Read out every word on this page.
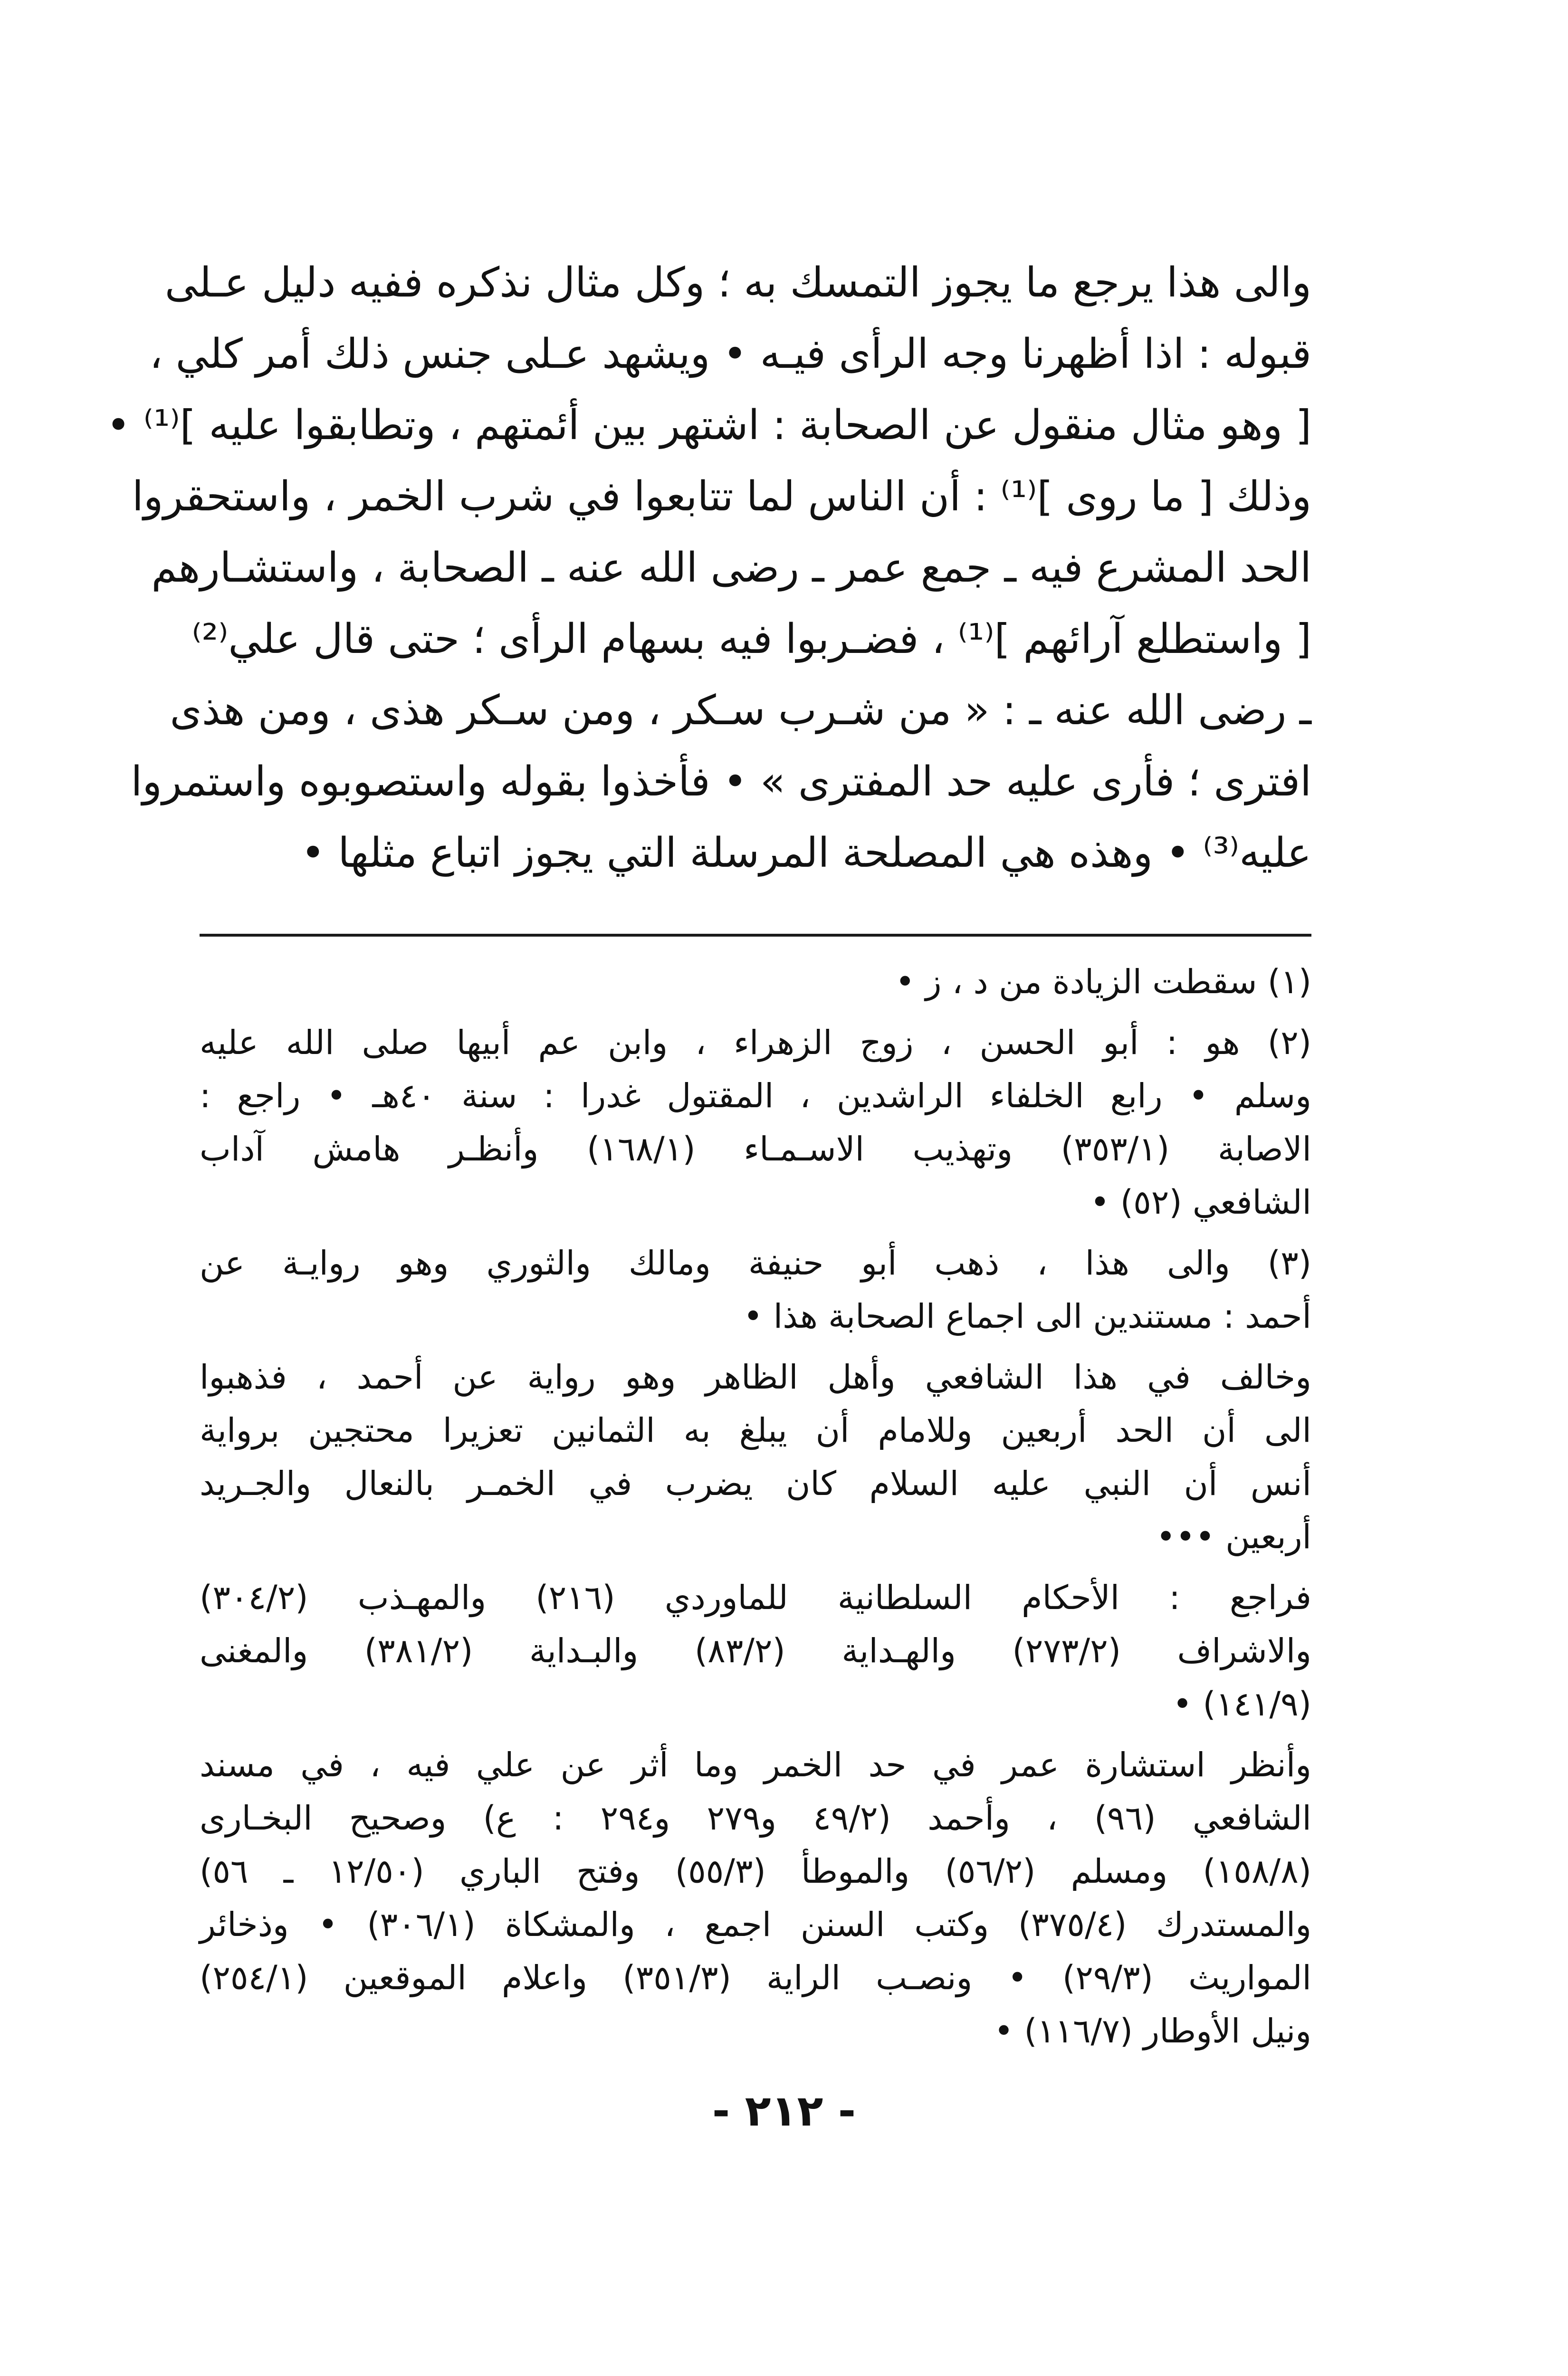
والى هذا يرجع ما يجوز التمسك به ؛ وكل مثال نذكره ففيه دليل عـلى
قبوله : اذا أظهرنا وجه الرأى فيـه • ويشهد عـلى جنس ذلك أمر كلي ،
[ وهو مثال منقول عن الصحابة : اشتهر بين أئمتهم ، وتطابقوا عليه ]⁽¹⁾ •
وذلك [ ما روى ]⁽¹⁾ : أن الناس لما تتابعوا في شرب الخمر ، واستحقروا
الحد المشرع فيه ـ جمع عمر ـ رضى الله عنه ـ الصحابة ، واستشـارهم
[ واستطلع آرائهم ]⁽¹⁾ ، فضـربوا فيه بسهام الرأى ؛ حتى قال علي⁽²⁾
ـ رضى الله عنه ـ : « من شـرب سـكر ، ومن سـكر هذى ، ومن هذى
افترى ؛ فأرى عليه حد المفترى » • فأخذوا بقوله واستصوبوه واستمروا
عليه⁽³⁾ • وهذه هي المصلحة المرسلة التي يجوز اتباع مثلها •
(١) سقطت الزيادة من د ، ز •
(٢) هو : أبو الحسن ، زوج الزهراء ، وابن عم أبيها صلى الله عليه
وسلم • رابع الخلفاء الراشدين ، المقتول غدرا : سنة ٤٠هـ • راجع :
الاصابة (٣٥٣/١) وتهذيب الاسـمـاء (١٦٨/١) وأنظـر هامش آداب
الشافعي (٥٢) •
(٣) والى هذا ، ذهب أبو حنيفة ومالك والثوري وهو روايـة عن
أحمد : مستندين الى اجماع الصحابة هذا •
وخالف في هذا الشافعي وأهل الظاهر وهو رواية عن أحمد ، فذهبوا
الى أن الحد أربعين وللامام أن يبلغ به الثمانين تعزيرا محتجين برواية
أنس أن النبي عليه السلام كان يضرب في الخمـر بالنعال والجـريد
أربعين •••
فراجع : الأحكام السلطانية للماوردي (٢١٦) والمهـذب (٣٠٤/٢)
والاشراف (٢٧٣/٢) والهـداية (٨٣/٢) والبـداية (٣٨١/٢) والمغنى
(١٤١/٩) •
وأنظر استشارة عمر في حد الخمر وما أثر عن علي فيه ، في مسند
الشافعي (٩٦) ، وأحمد (٤٩/٢ و٢٧٩ و٢٩٤ : ع) وصحيح البخـارى
(١٥٨/٨) ومسلم (٥٦/٢) والموطأ (٥٥/٣) وفتح الباري (١٢/٥٠ ـ ٥٦)
والمستدرك (٣٧٥/٤) وكتب السنن اجمع ، والمشكاة (٣٠٦/١) • وذخائر
المواريث (٢٩/٣) • ونصـب الراية (٣٥١/٣) واعلام الموقعين (٢٥٤/١)
ونيل الأوطار (١١٦/٧) •
- ٢١٢ -
